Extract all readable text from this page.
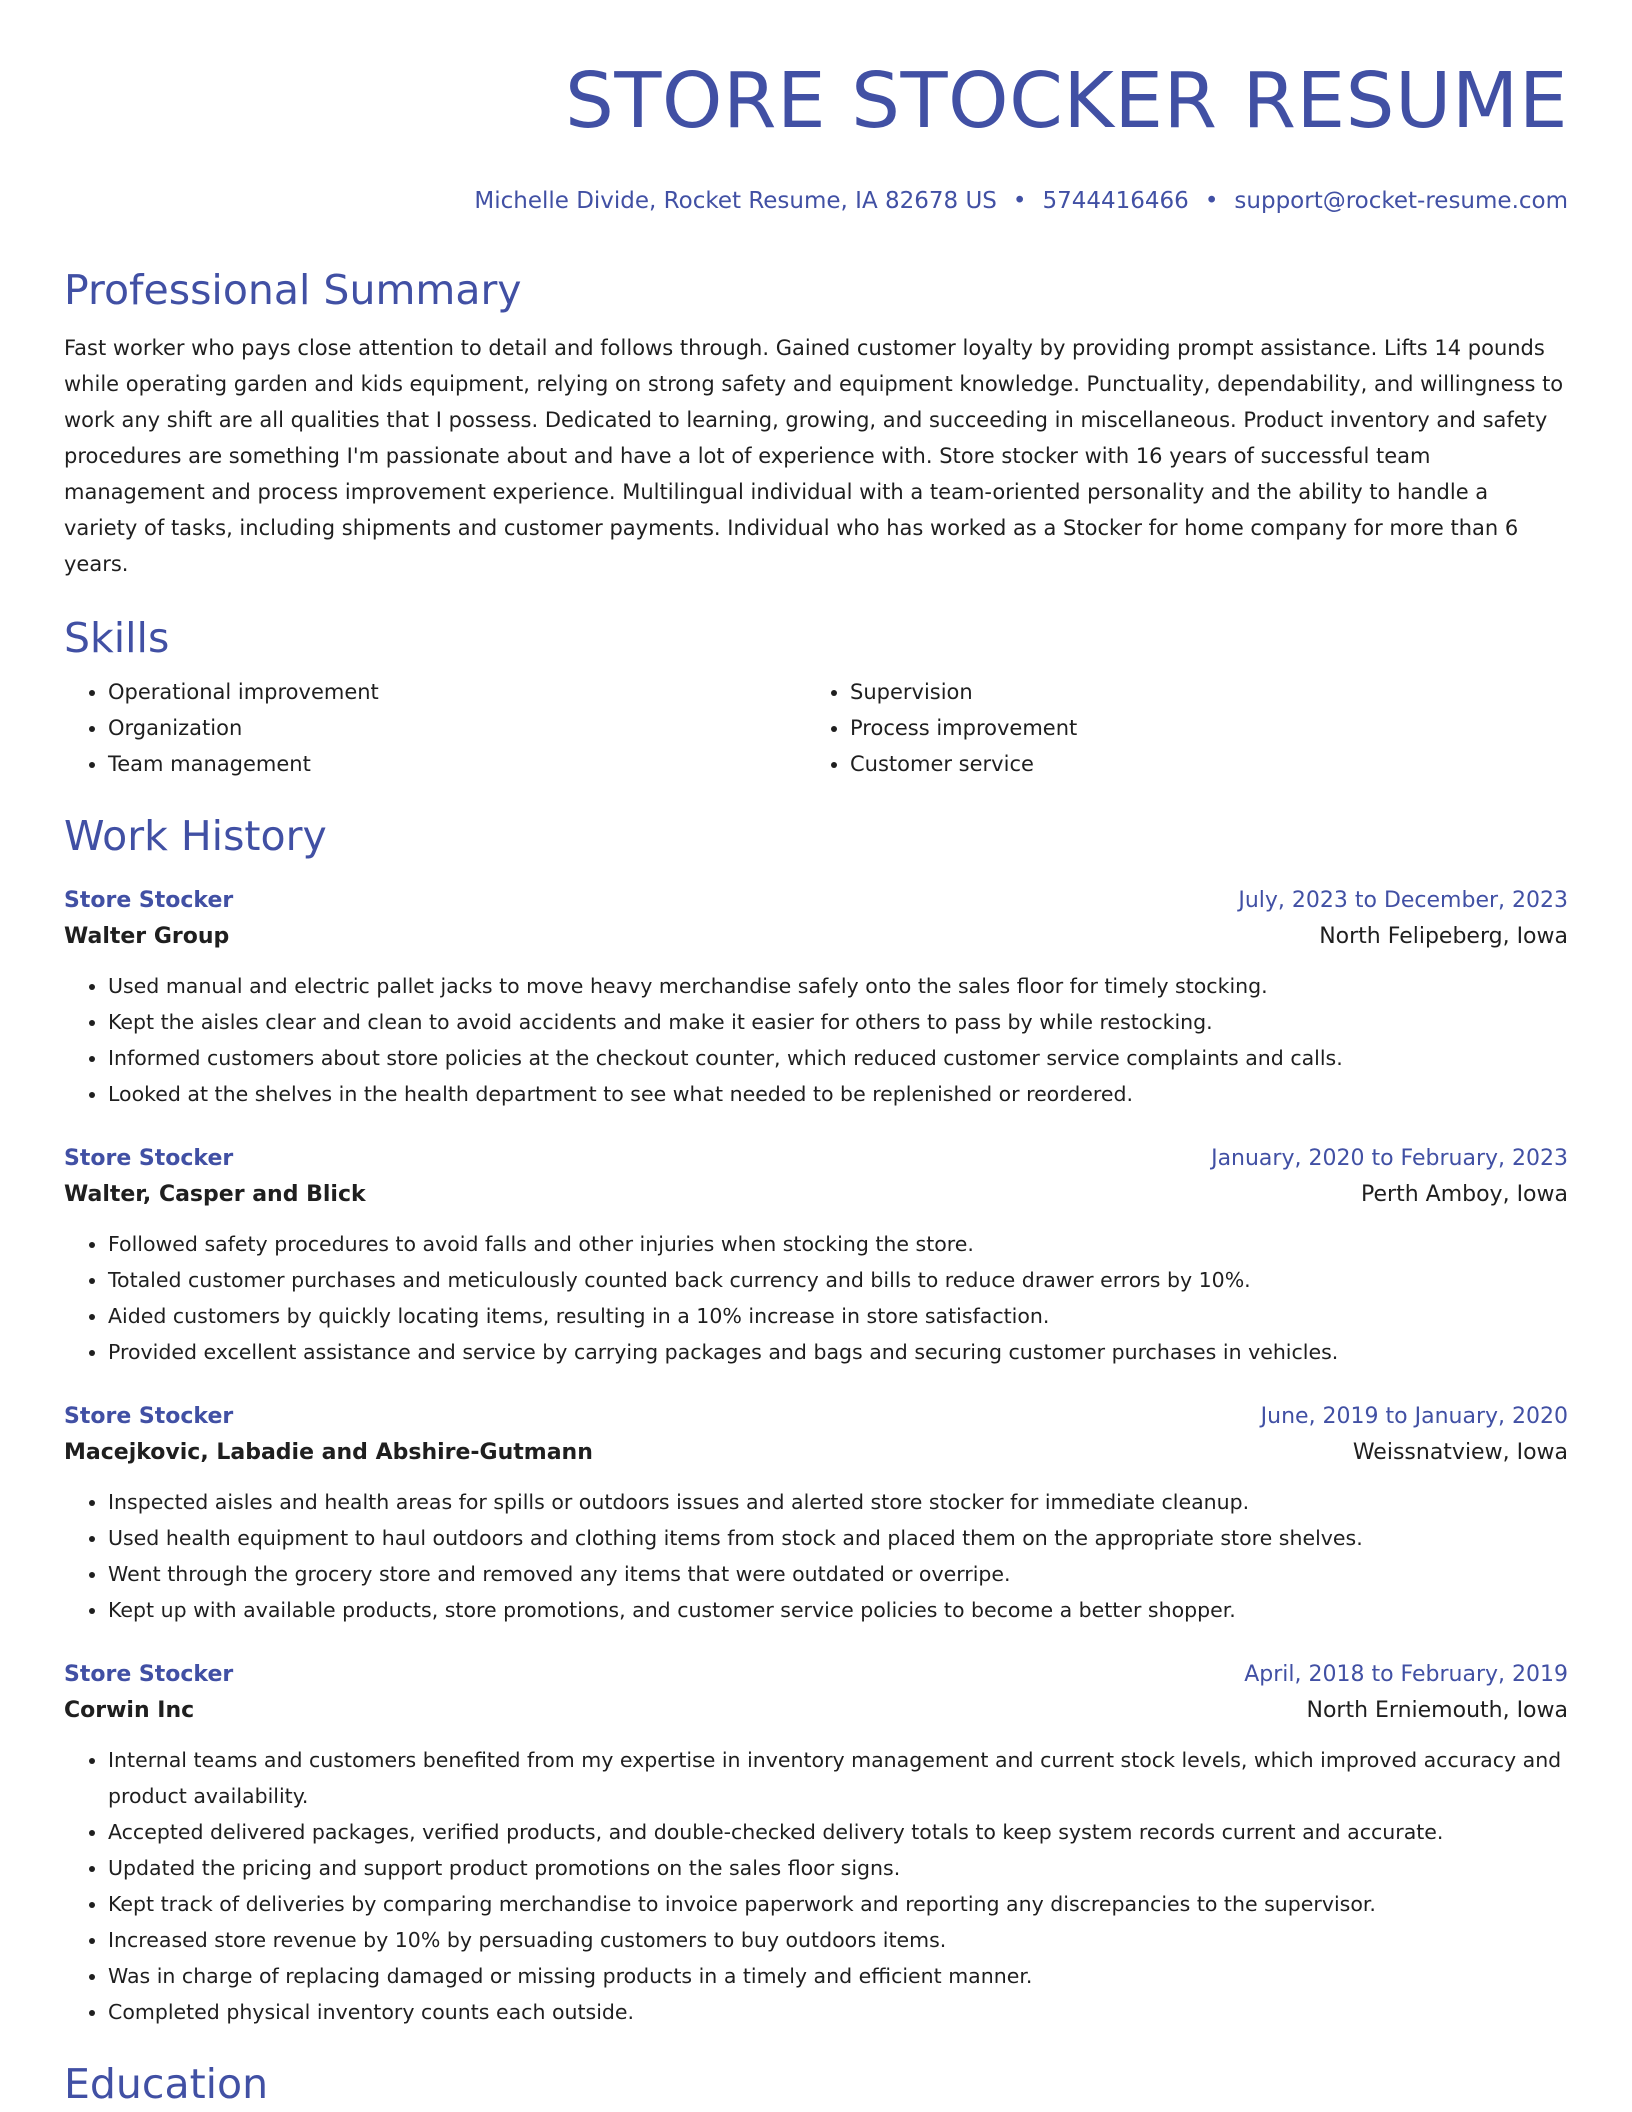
STORE STOCKER RESUME
Michelle Divide, Rocket Resume, IA 82678 US • 5744416466 • support@rocket-resume.com
Professional Summary

Fast worker who pays close attention to detail and follows through. Gained customer loyalty by providing prompt assistance. Lifts 14 pounds while operating garden and kids equipment, relying on strong safety and equipment knowledge. Punctuality, dependability, and willingness to work any shift are all qualities that I possess. Dedicated to learning, growing, and succeeding in miscellaneous. Product inventory and safety procedures are something I'm passionate about and have a lot of experience with. Store stocker with 16 years of successful team management and process improvement experience. Multilingual individual with a team-oriented personality and the ability to handle a variety of tasks, including shipments and customer payments. Individual who has worked as a Stocker for home company for more than 6 years.

Skills
• Operational improvement
• Organization
• Team management
• Supervision
• Process improvement
• Customer service
Work History
Store Stocker	July, 2023 to December, 2023
Walter Group	North Felipeberg, Iowa
• Used manual and electric pallet jacks to move heavy merchandise safely onto the sales floor for timely stocking.
• Kept the aisles clear and clean to avoid accidents and make it easier for others to pass by while restocking.
• Informed customers about store policies at the checkout counter, which reduced customer service complaints and calls.
• Looked at the shelves in the health department to see what needed to be replenished or reordered.
Store Stocker	January, 2020 to February, 2023
Walter, Casper and Blick	Perth Amboy, Iowa
• Followed safety procedures to avoid falls and other injuries when stocking the store.
• Totaled customer purchases and meticulously counted back currency and bills to reduce drawer errors by 10%.
• Aided customers by quickly locating items, resulting in a 10% increase in store satisfaction.
• Provided excellent assistance and service by carrying packages and bags and securing customer purchases in vehicles.
Store Stocker	June, 2019 to January, 2020
Macejkovic, Labadie and Abshire-Gutmann	Weissnatview, Iowa
• Inspected aisles and health areas for spills or outdoors issues and alerted store stocker for immediate cleanup.
• Used health equipment to haul outdoors and clothing items from stock and placed them on the appropriate store shelves.
• Went through the grocery store and removed any items that were outdated or overripe.
• Kept up with available products, store promotions, and customer service policies to become a better shopper.
Store Stocker	April, 2018 to February, 2019
Corwin Inc	North Erniemouth, Iowa
• Internal teams and customers benefited from my expertise in inventory management and current stock levels, which improved accuracy and product availability.
• Accepted delivered packages, verified products, and double-checked delivery totals to keep system records current and accurate.
• Updated the pricing and support product promotions on the sales floor signs.
• Kept track of deliveries by comparing merchandise to invoice paperwork and reporting any discrepancies to the supervisor.
• Increased store revenue by 10% by persuading customers to buy outdoors items.
• Was in charge of replacing damaged or missing products in a timely and efficient manner.
• Completed physical inventory counts each outside.
Education
